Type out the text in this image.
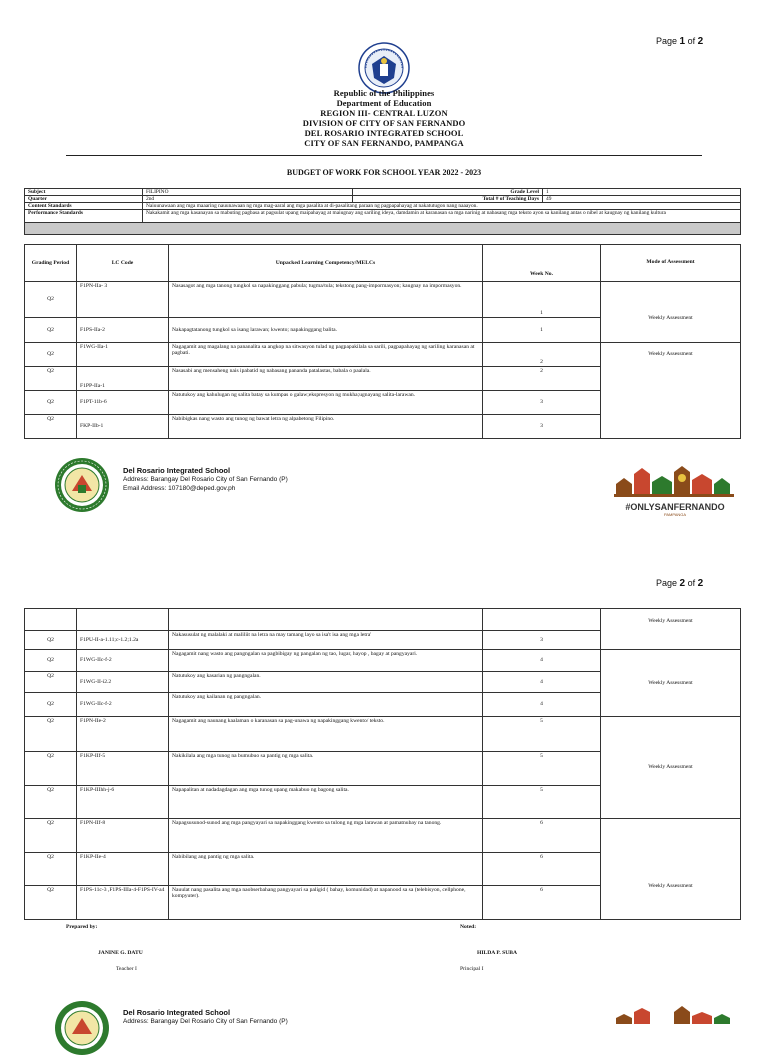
Page 1 of 2
Republic of the Philippines
Department of Education
REGION III- CENTRAL LUZON
DIVISION OF CITY OF SAN FERNANDO
DEL ROSARIO INTEGRATED SCHOOL
CITY OF SAN FERNANDO, PAMPANGA
BUDGET OF WORK FOR SCHOOL YEAR 2022 - 2023
Subject	FILIPINO	Grade Level	1
Quarter	2nd	Total # of Teaching Days	49
Content Standards	Naiuunawaan ang mga maaaring nauunawaan ng mga mag-aaral ang mga pasalita at di-pasalitang paraan ng pagpapahayag at nakatutugon nang naaayon.		
Performance Standards	Nakakamit ang mga kasanayan sa mabuting pagbasa at pagsulat upang maipahayag at maiugnay ang sariling ideya, damdamin at karanasan sa mga narinig at nabasang mga teksto ayon sa kanilang antas o nibel at kaugnay ng kanilang kultura		

Grading Period	LC Code	Unpacked Learning Competency/MELCs	Week No.	Mode of Assessment
Q2	F1PN-IIa- 3	Nasasagot ang mga tanong tungkol sa napakinggang pabula; tugma/tula; tekstong pang-impormasyon; kaugnay na impormasyon.	1	Weekly Assessment
Q2	F1PS-IIa-2	Nakapagtatanong tungkol sa isang larawan; kwento; napakinggang balita.	1	
Q2	F1WG-IIa-1	Nagagamit ang magalang na pananalita sa angkop na sitwasyon tulad ng pagpapakilala sa sarili, pagpapahayag ng sariling karanasan at pagbati.	2	Weekly Assessment
Q2	F1PP-IIa-1	Nasasabi ang mensaheng nais ipabatid ng nabasang pananda patalastas, babala o paalala.	2	
Q2	F1PT-11b-6	Natutukoy ang kahulugan ng salita batay sa kumpas o galaw;ekspresyon ng mukha;ugnayang salita-larawan.	3	
Q2	FKP-IIb-1	Nabibigkas nang wasto ang tunog ng bawat letra ng alpabetong Filipino.	3	
Del Rosario Integrated School
Address: Barangay Del Rosario City of San Fernando (P)
Email Address: 107180@deped.gov.ph
#ONLYSANFERNANDO
PAMPANGA
Page 2 of 2
				Weekly Assessment
Q2	F1PU-II-a-1.11;c-1.2;1.2a	Nakasusulat ng malalaki at maliliit na letra na may tamang layo sa isa't isa ang mga letra'	3	
Q2	F1WG-IIc-f-2	Nagagamit nang wasto ang pangngalan sa pagbibigay ng pangalan ng tao, lugar, hayop , bagay at pangyayari.	4	Weekly Assessment
Q2	F1WG-II-i2.2	Natutukoy ang kasarian ng pangngalan.	4	
Q2	F1WG-IIc-f-2	Natutukoy ang kailanan ng pangngalan.	4	
Q2	F1PN-IIe-2	Nagagamit ang naunang kaalaman o karanasan sa pag-unawa ng napakinggang kwento/ teksto.	5	Weekly Assessment
Q2	F1KP-IIf-5	Nakikilala ang mga tunog na bumubuo sa pantig ng mga salita.	5	
Q2	F1KP-IIIhh-j-6	Napapalitan at nadadagdagan ang mga tunog upang makabuo ng bagong salita.	5	
Q2	F1PN-IIf-8	Napagsusunod-sunod ang mga pangyayari sa napakinggang kwento sa tulong ng mga larawan at pamatnubay na tanong.	6	Weekly Assessment
Q2	F1KP-IIe-4	Nabibilang ang pantig ng mga salita.	6	
Q2	F1PS-11c-3 ,F1PS-IIIa-4-F1PS-IV-a4	Nauulat nang pasalita ang mga naobserbahang pangyayari sa paligid ( bahay, komunidad) at napanood sa sa (telebisyon, cellphone, kompyuter).	6	
Prepared by:	Noted:
JANINE G. DATU	HILDA P. SUBA
Teacher I	Principal I
Del Rosario Integrated School
Address: Barangay Del Rosario City of San Fernando (P)
